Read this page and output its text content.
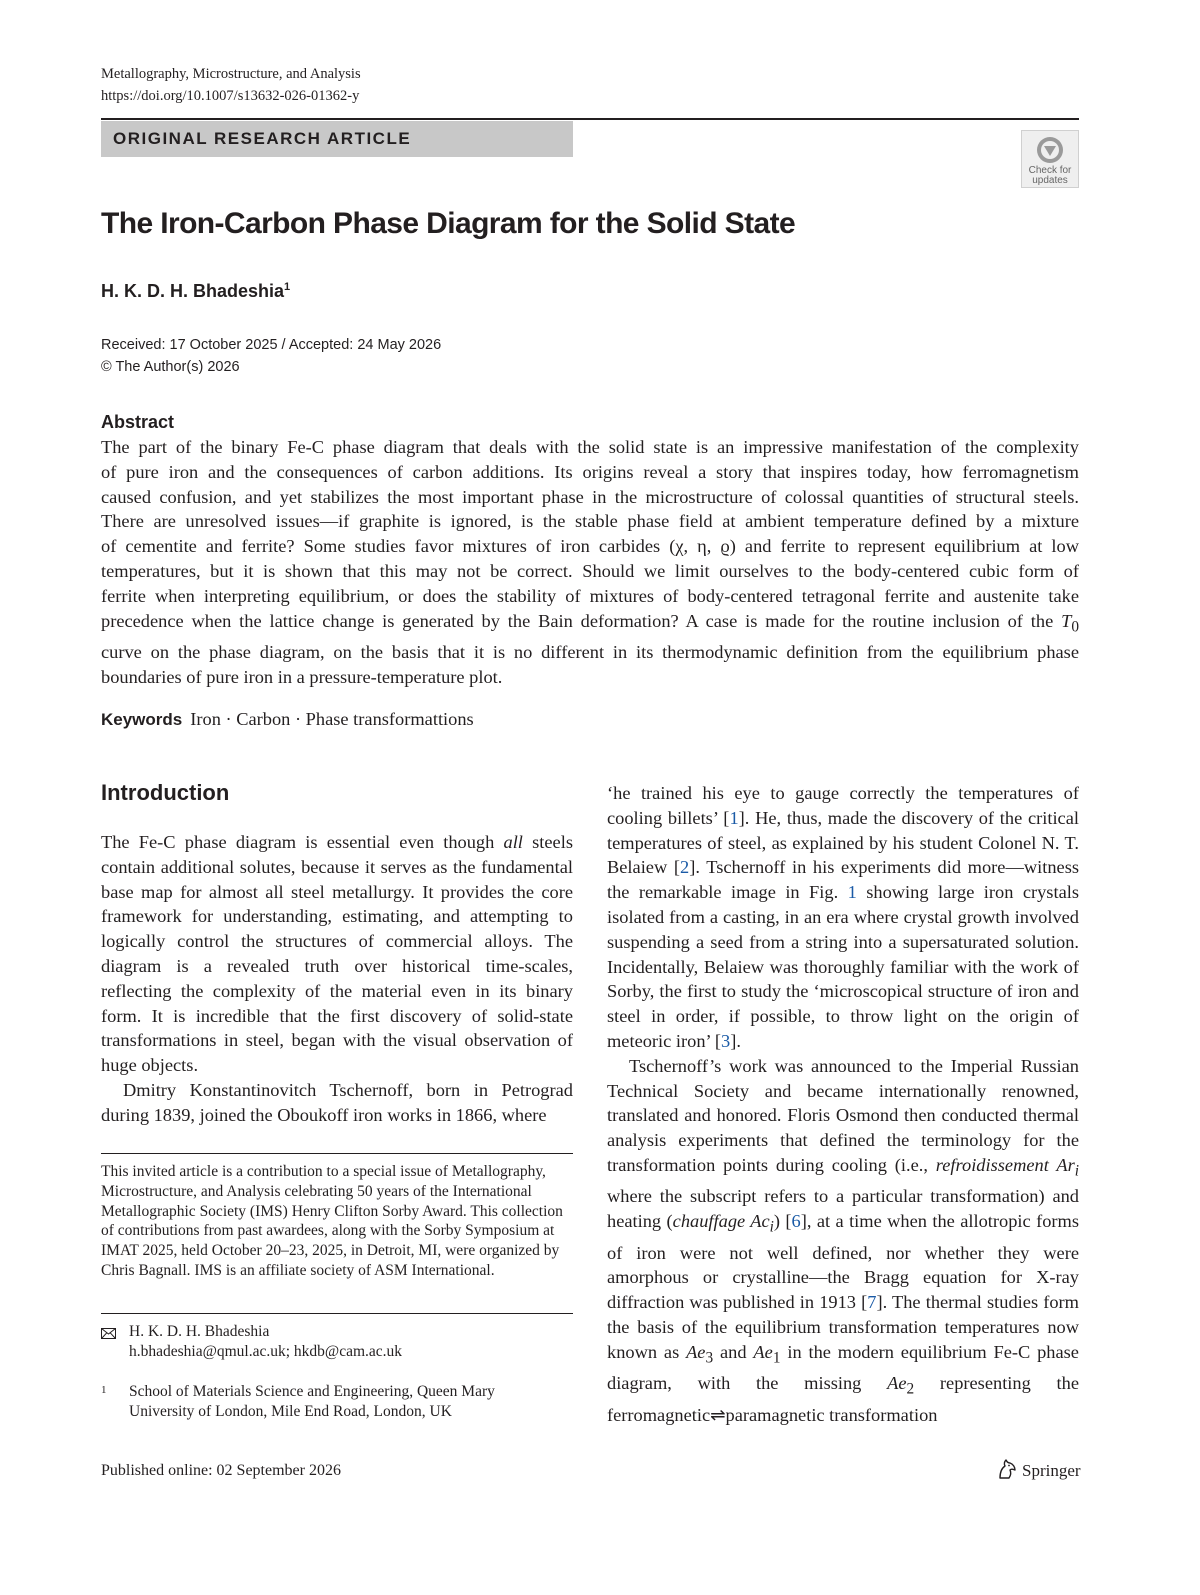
Metallography, Microstructure, and Analysis
https://doi.org/10.1007/s13632-026-01362-y
ORIGINAL RESEARCH ARTICLE
Check for updates
The Iron-Carbon Phase Diagram for the Solid State
H. K. D. H. Bhadeshia$^1$
Received: 17 October 2025 / Accepted: 24 May 2026
© The Author(s) 2026
Abstract
The part of the binary Fe-C phase diagram that deals with the solid state is an impressive manifestation of the complexity
of pure iron and the consequences of carbon additions. Its origins reveal a story that inspires today, how ferromagnetism
caused confusion, and yet stabilizes the most important phase in the microstructure of colossal quantities of structural steels.
There are unresolved issues—if graphite is ignored, is the stable phase field at ambient temperature defined by a mixture
of cementite and ferrite? Some studies favor mixtures of iron carbides (χ, η, ϱ) and ferrite to represent equilibrium at low
temperatures, but it is shown that this may not be correct. Should we limit ourselves to the body-centered cubic form of
ferrite when interpreting equilibrium, or does the stability of mixtures of body-centered tetragonal ferrite and austenite take
precedence when the lattice change is generated by the Bain deformation? A case is made for the routine inclusion of the $T_0$
curve on the phase diagram, on the basis that it is no different in its thermodynamic definition from the equilibrium phase
boundaries of pure iron in a pressure-temperature plot.
Keywords Iron · Carbon · Phase transformattions
Introduction
The Fe-C phase diagram is essential even though all steels contain additional solutes, because it serves as the fundamental base map for almost all steel metallurgy. It provides the core framework for understanding, estimating, and attempting to logically control the structures of commercial alloys. The diagram is a revealed truth over historical time-scales, reflecting the complexity of the material even in its binary form. It is incredible that the first discovery of solid-state transformations in steel, began with the visual observation of huge objects.
Dmitry Konstantinovitch Tschernoff, born in Petrograd during 1839, joined the Oboukoff iron works in 1866, where
‘he trained his eye to gauge correctly the temperatures of cooling billets’ [1]. He, thus, made the discovery of the critical temperatures of steel, as explained by his student Colonel N. T. Belaiew [2]. Tschernoff in his experiments did more—witness the remarkable image in Fig. 1 showing large iron crystals isolated from a casting, in an era where crystal growth involved suspending a seed from a string into a supersaturated solution. Incidentally, Belaiew was thoroughly familiar with the work of Sorby, the first to study the ‘microscopical structure of iron and steel in order, if possible, to throw light on the origin of meteoric iron’ [3].
Tschernoff’s work was announced to the Imperial Russian Technical Society and became internationally renowned, translated and honored. Floris Osmond then conducted thermal analysis experiments that defined the terminology for the transformation points during cooling (i.e., refroidissement $Ar_i$ where the subscript refers to a particular transformation) and heating (chauffage $Ac_i$) [6], at a time when the allotropic forms of iron were not well defined, nor whether they were amorphous or crystalline—the Bragg equation for X-ray diffraction was published in 1913 [7]. The thermal studies form the basis of the equilibrium transformation temperatures now known as $Ae_3$ and $Ae_1$ in the modern equilibrium Fe-C phase diagram, with the missing $Ae_2$ representing the ferromagnetic⇌paramagnetic transformation
This invited article is a contribution to a special issue of Metallography, Microstructure, and Analysis celebrating 50 years of the International Metallographic Society (IMS) Henry Clifton Sorby Award. This collection of contributions from past awardees, along with the Sorby Symposium at IMAT 2025, held October 20–23, 2025, in Detroit, MI, were organized by Chris Bagnall. IMS is an affiliate society of ASM International.
H. K. D. H. Bhadeshia
h.bhadeshia@qmul.ac.uk; hkdb@cam.ac.uk
1 School of Materials Science and Engineering, Queen Mary
University of London, Mile End Road, London, UK
Published online: 02 September 2026	Springer
